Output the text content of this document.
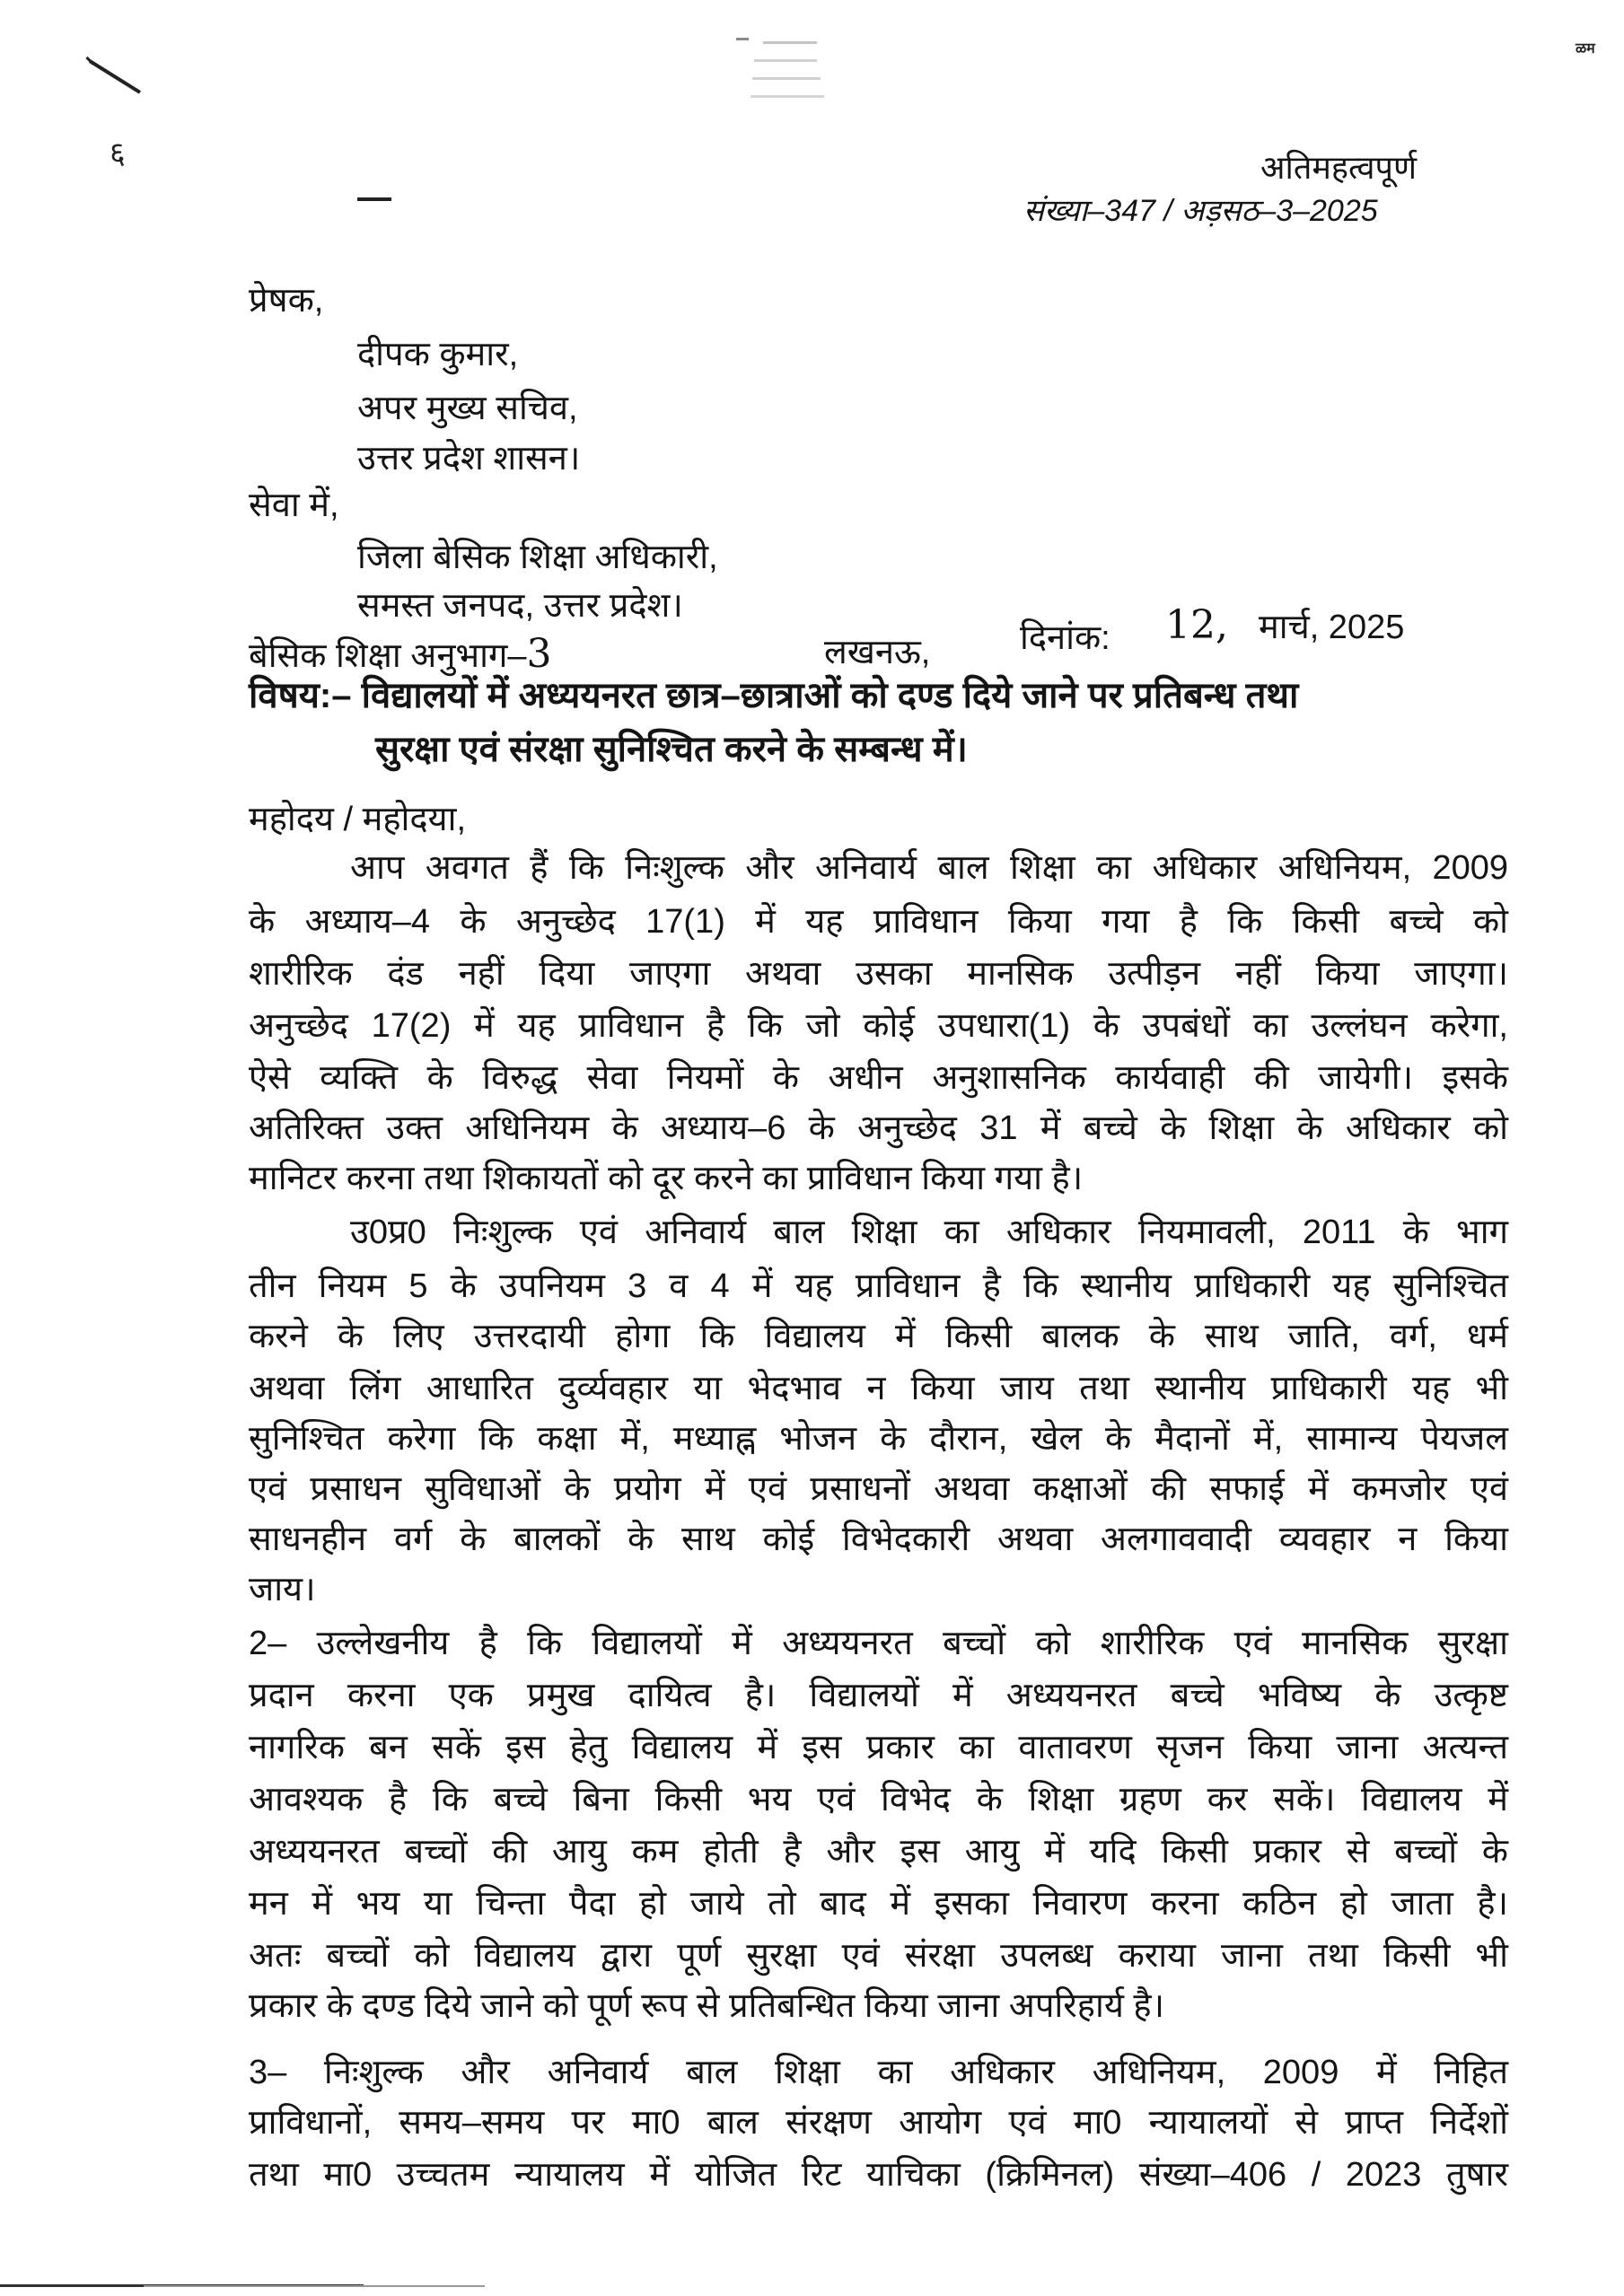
ळम
६	अतिमहत्वपूर्ण
संख्या–347 / अड़सठ–3–2025
प्रेषक,
दीपक कुमार,
अपर मुख्य सचिव,
उत्तर प्रदेश शासन।
सेवा में,
जिला बेसिक शिक्षा अधिकारी,
समस्त जनपद, उत्तर प्रदेश।
बेसिक शिक्षा अनुभाग–3	लखनऊ,	दिनांक: 12, मार्च, 2025
विषय:– विद्यालयों में अध्ययनरत छात्र–छात्राओं को दण्ड दिये जाने पर प्रतिबन्ध तथा
सुरक्षा एवं संरक्षा सुनिश्चित करने के सम्बन्ध में।
महोदय / महोदया,
आप अवगत हैं कि निःशुल्क और अनिवार्य बाल शिक्षा का अधिकार अधिनियम, 2009
के अध्याय–4 के अनुच्छेद 17(1) में यह प्राविधान किया गया है कि किसी बच्चे को
शारीरिक दंड नहीं दिया जाएगा अथवा उसका मानसिक उत्पीड़न नहीं किया जाएगा।
अनुच्छेद 17(2) में यह प्राविधान है कि जो कोई उपधारा(1) के उपबंधों का उल्लंघन करेगा,
ऐसे व्यक्ति के विरुद्ध सेवा नियमों के अधीन अनुशासनिक कार्यवाही की जायेगी। इसके
अतिरिक्त उक्त अधिनियम के अध्याय–6 के अनुच्छेद 31 में बच्चे के शिक्षा के अधिकार को
मानिटर करना तथा शिकायतों को दूर करने का प्राविधान किया गया है।
उ0प्र0 निःशुल्क एवं अनिवार्य बाल शिक्षा का अधिकार नियमावली, 2011 के भाग
तीन नियम 5 के उपनियम 3 व 4 में यह प्राविधान है कि स्थानीय प्राधिकारी यह सुनिश्चित
करने के लिए उत्तरदायी होगा कि विद्यालय में किसी बालक के साथ जाति, वर्ग, धर्म
अथवा लिंग आधारित दुर्व्यवहार या भेदभाव न किया जाय तथा स्थानीय प्राधिकारी यह भी
सुनिश्चित करेगा कि कक्षा में, मध्याह्न भोजन के दौरान, खेल के मैदानों में, सामान्य पेयजल
एवं प्रसाधन सुविधाओं के प्रयोग में एवं प्रसाधनों अथवा कक्षाओं की सफाई में कमजोर एवं
साधनहीन वर्ग के बालकों के साथ कोई विभेदकारी अथवा अलगाववादी व्यवहार न किया
जाय।
2– उल्लेखनीय है कि विद्यालयों में अध्ययनरत बच्चों को शारीरिक एवं मानसिक सुरक्षा
प्रदान करना एक प्रमुख दायित्व है। विद्यालयों में अध्ययनरत बच्चे भविष्य के उत्कृष्ट
नागरिक बन सकें इस हेतु विद्यालय में इस प्रकार का वातावरण सृजन किया जाना अत्यन्त
आवश्यक है कि बच्चे बिना किसी भय एवं विभेद के शिक्षा ग्रहण कर सकें। विद्यालय में
अध्ययनरत बच्चों की आयु कम होती है और इस आयु में यदि किसी प्रकार से बच्चों के
मन में भय या चिन्ता पैदा हो जाये तो बाद में इसका निवारण करना कठिन हो जाता है।
अतः बच्चों को विद्यालय द्वारा पूर्ण सुरक्षा एवं संरक्षा उपलब्ध कराया जाना तथा किसी भी
प्रकार के दण्ड दिये जाने को पूर्ण रूप से प्रतिबन्धित किया जाना अपरिहार्य है।
3– निःशुल्क और अनिवार्य बाल शिक्षा का अधिकार अधिनियम, 2009 में निहित
प्राविधानों, समय–समय पर मा0 बाल संरक्षण आयोग एवं मा0 न्यायालयों से प्राप्त निर्देशों
तथा मा0 उच्चतम न्यायालय में योजित रिट याचिका (क्रिमिनल) संख्या–406 / 2023 तुषार
